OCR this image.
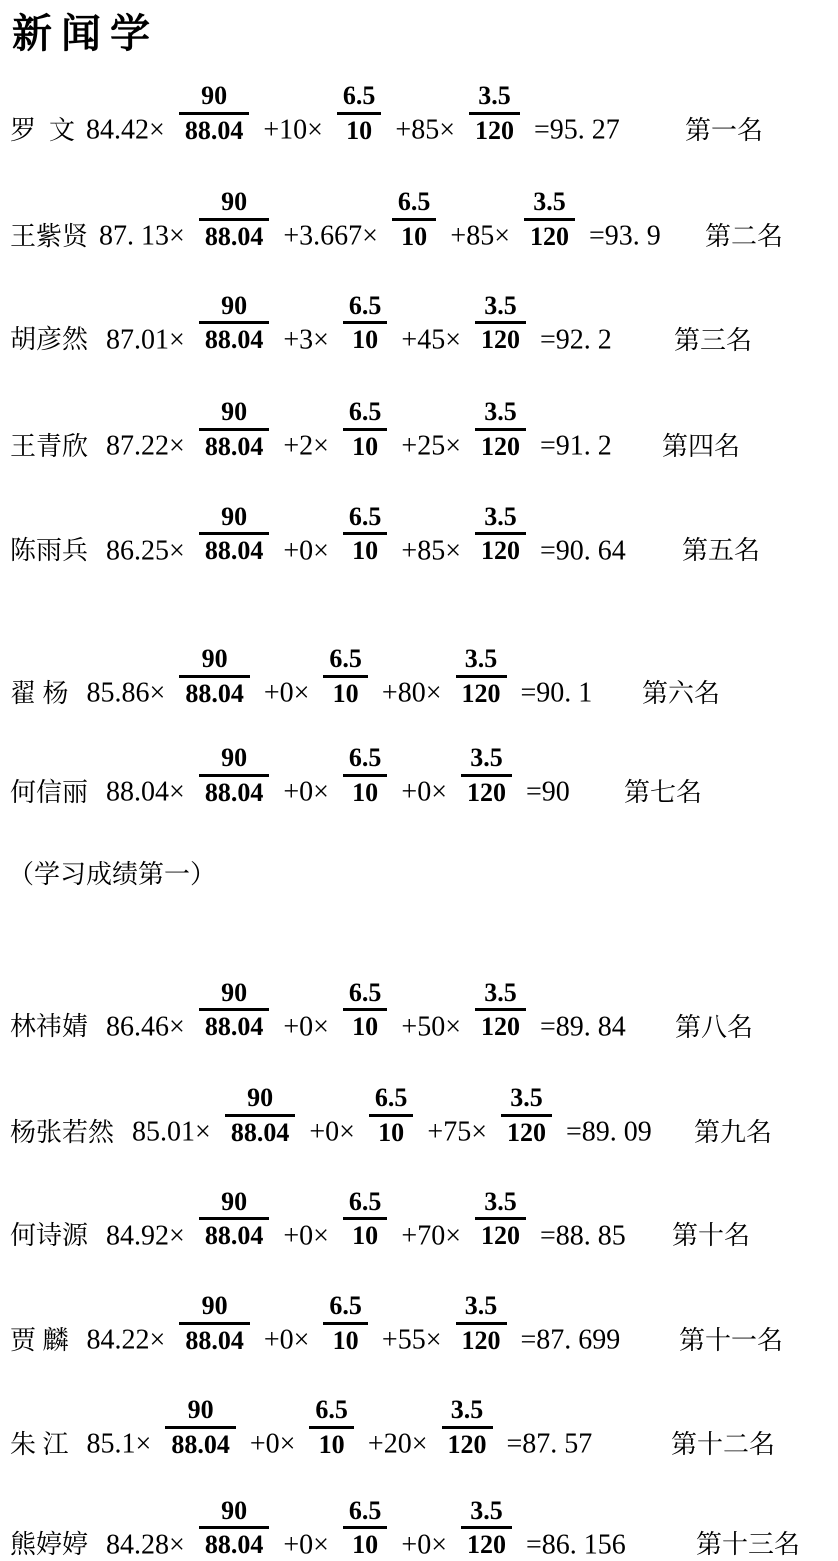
新闻学
罗  文 $84.42\times \frac{90}{88.04} +10\times \frac{6.5}{10} +85\times \frac{3.5}{120} =95$. 27	第一名
王紫贤 87. $13\times \frac{90}{88.04} +3.667\times \frac{6.5}{10} +85\times \frac{3.5}{120} =93$. 9 第二名
胡彦然  $87.01\times \frac{90}{88.04} +3\times \frac{6.5}{10} +45\times \frac{3.5}{120} =92$. 2 第三名
王青欣  $87.22\times \frac{90}{88.04} +2\times \frac{6.5}{10} +25\times \frac{3.5}{120} =91$. 2 第四名
陈雨兵  $86.25\times \frac{90}{88.04} +0\times \frac{6.5}{10} +85\times \frac{3.5}{120} =90$. 64 第五名
翟 杨  $85.86\times \frac{90}{88.04} +0\times \frac{6.5}{10} +80\times \frac{3.5}{120} =90$. 1 第六名
何信丽  $88.04\times \frac{90}{88.04} +0\times \frac{6.5}{10} +0\times \frac{3.5}{120} =90$ 第七名
（学习成绩第一）
林祎婧  $86.46\times \frac{90}{88.04} +0\times \frac{6.5}{10} +50\times \frac{3.5}{120} =89$. 84 第八名
杨张若然  $85.01\times \frac{90}{88.04} +0\times \frac{6.5}{10} +75\times \frac{3.5}{120} =89$. 09 第九名
何诗源  $84.92\times \frac{90}{88.04} +0\times \frac{6.5}{10} +70\times \frac{3.5}{120} =88$. 85 第十名
贾 麟  $84.22\times \frac{90}{88.04} +0\times \frac{6.5}{10} +55\times \frac{3.5}{120} =87$. 699 第十一名
朱 江  $85.1\times \frac{90}{88.04} +0\times \frac{6.5}{10} +20\times \frac{3.5}{120} =87$. 57	第十二名
熊婷婷  $84.28\times \frac{90}{88.04} +0\times \frac{6.5}{10} +0\times \frac{3.5}{120} =86$. 156	第十三名
